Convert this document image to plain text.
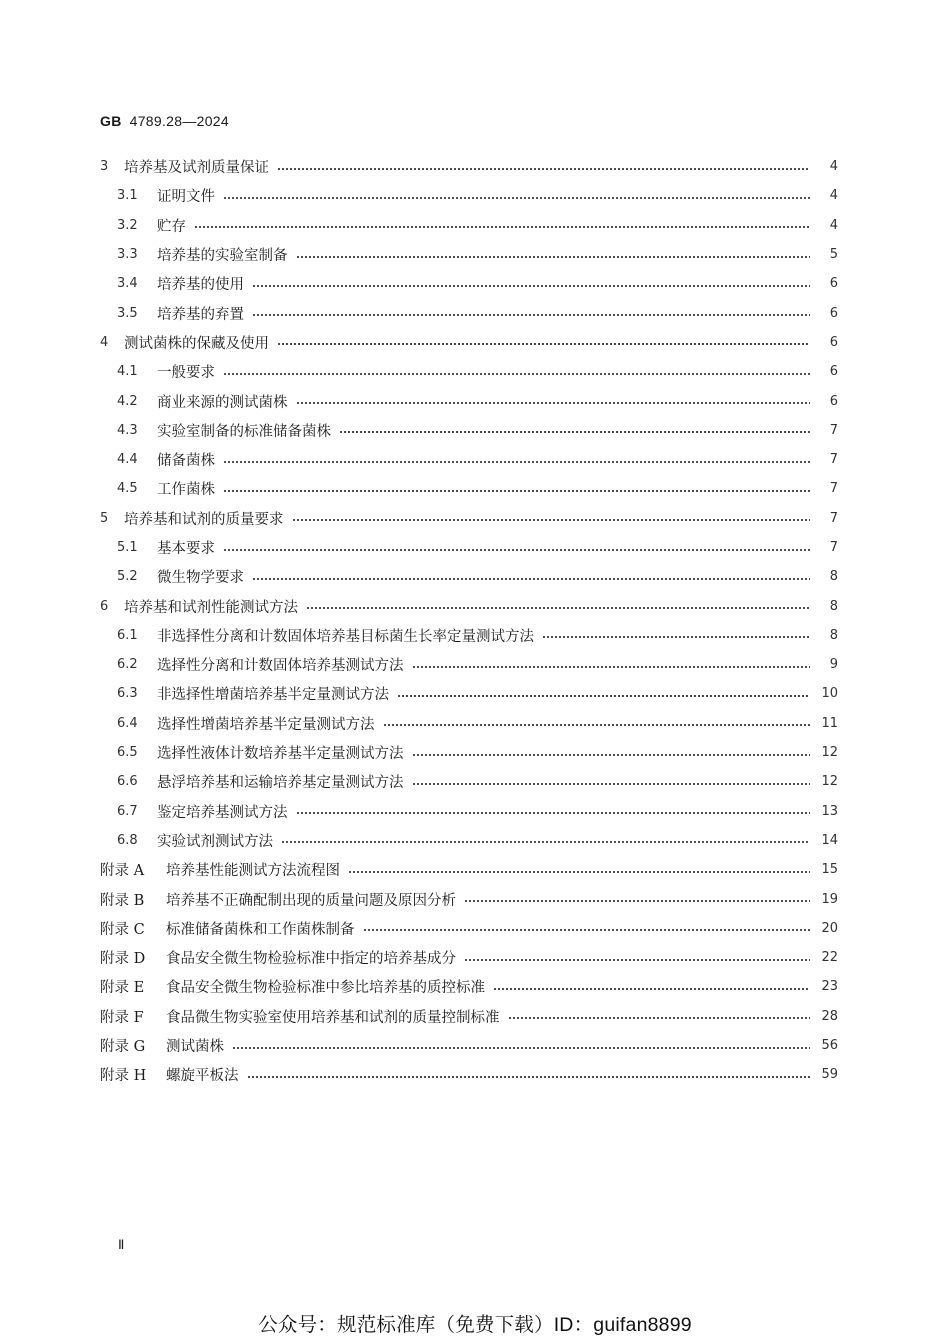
GB 4789.28—2024
3	培养基及试剂质量保证	4
3.1	证明文件	4
3.2	贮存	4
3.3	培养基的实验室制备	5
3.4	培养基的使用	6
3.5	培养基的弃置	6
4	测试菌株的保藏及使用	6
4.1	一般要求	6
4.2	商业来源的测试菌株	6
4.3	实验室制备的标准储备菌株	7
4.4	储备菌株	7
4.5	工作菌株	7
5	培养基和试剂的质量要求	7
5.1	基本要求	7
5.2	微生物学要求	8
6	培养基和试剂性能测试方法	8
6.1	非选择性分离和计数固体培养基目标菌生长率定量测试方法	8
6.2	选择性分离和计数固体培养基测试方法	9
6.3	非选择性增菌培养基半定量测试方法	10
6.4	选择性增菌培养基半定量测试方法	11
6.5	选择性液体计数培养基半定量测试方法	12
6.6	悬浮培养基和运输培养基定量测试方法	12
6.7	鉴定培养基测试方法	13
6.8	实验试剂测试方法	14
附录 A	培养基性能测试方法流程图	15
附录 B	培养基不正确配制出现的质量问题及原因分析	19
附录 C	标准储备菌株和工作菌株制备	20
附录 D	食品安全微生物检验标准中指定的培养基成分	22
附录 E	食品安全微生物检验标准中参比培养基的质控标准	23
附录 F	食品微生物实验室使用培养基和试剂的质量控制标准	28
附录 G	测试菌株	56
附录 H	螺旋平板法	59
Ⅱ
公众号：规范标准库（免费下载）ID：guifan8899
